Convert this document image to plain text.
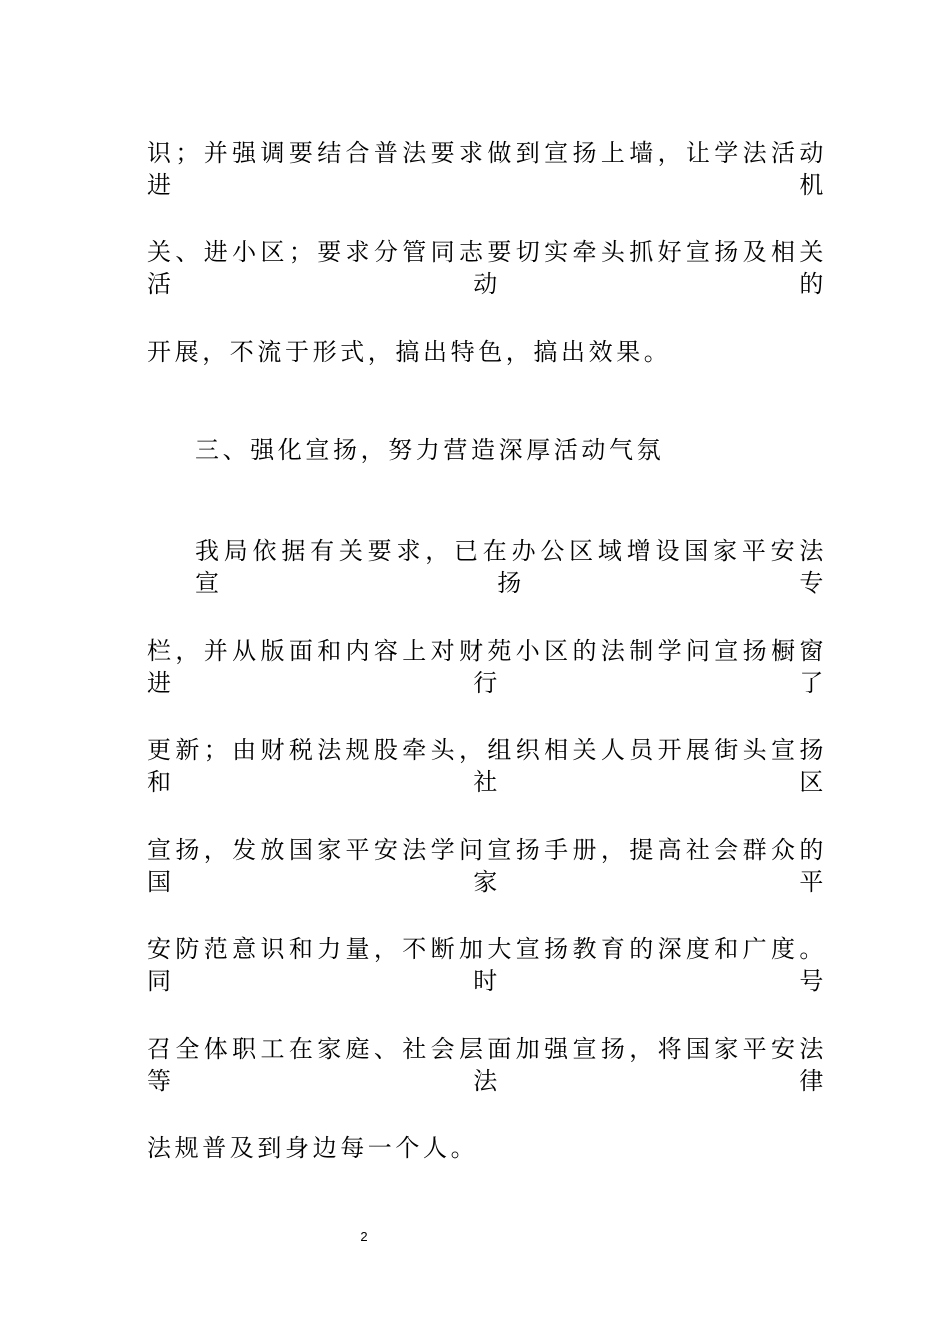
识；并强调要结合普法要求做到宣扬上墙，让学法活动进机
关、进小区；要求分管同志要切实牵头抓好宣扬及相关活动的
开展，不流于形式，搞出特色，搞出效果。
三、强化宣扬，努力营造深厚活动气氛
我局依据有关要求，已在办公区域增设国家平安法宣扬专
栏，并从版面和内容上对财苑小区的法制学问宣扬橱窗进行了
更新；由财税法规股牵头，组织相关人员开展街头宣扬和社区
宣扬，发放国家平安法学问宣扬手册，提高社会群众的国家平
安防范意识和力量，不断加大宣扬教育的深度和广度。同时号
召全体职工在家庭、社会层面加强宣扬，将国家平安法等法律
法规普及到身边每一个人。
2
